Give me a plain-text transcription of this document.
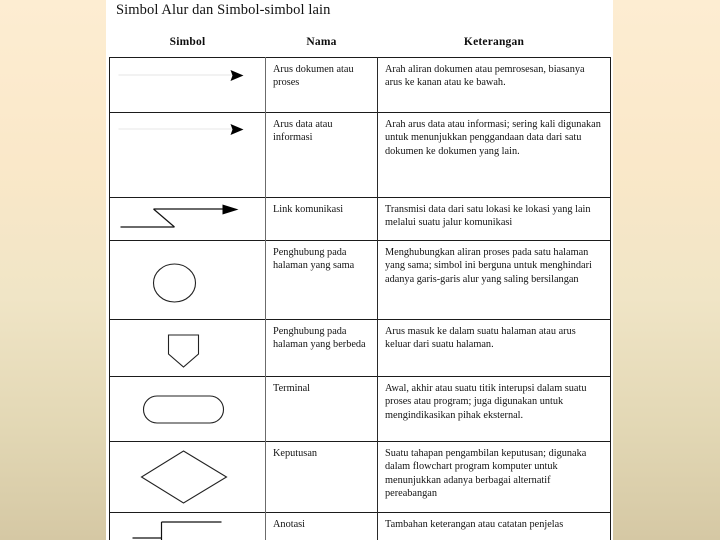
Simbol Alur dan Simbol-simbol lain
Simbol	Nama	Keterangan

	Arus dokumen atau proses	Arah aliran dokumen atau pemrosesan, biasanya arus ke kanan atau ke bawah.

	Arus data atau informasi	Arah arus data atau informasi; sering kali digunakan untuk menunjukkan penggandaan data dari satu dokumen ke dokumen yang lain.

	Link komunikasi	Transmisi data dari satu lokasi ke lokasi yang lain melalui suatu jalur komunikasi

	Penghubung pada halaman yang sama	Menghubungkan aliran proses pada satu halaman yang sama; simbol ini berguna untuk menghindari adanya garis-garis alur yang saling bersilangan

	Penghubung pada halaman yang berbeda	Arus masuk ke dalam suatu halaman atau arus keluar dari suatu halaman.

	Terminal	Awal, akhir atau suatu titik interupsi dalam suatu proses atau program; juga digunakan untuk mengindikasikan pihak eksternal.

	Keputusan	Suatu tahapan pengambilan keputusan; digunaka dalam flowchart program komputer untuk menunjukkan adanya berbagai alternatif pereabangan

	Anotasi	Tambahan keterangan atau catatan penjelas
